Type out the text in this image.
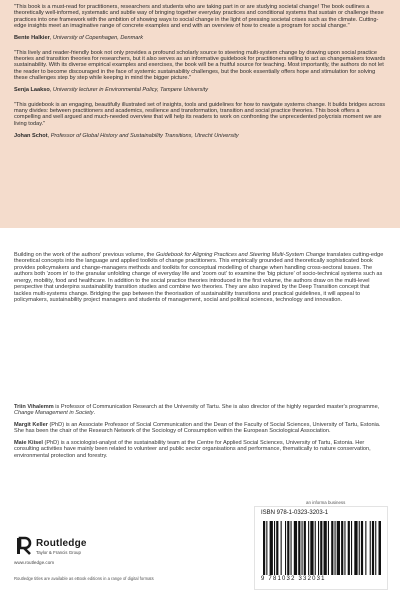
"This book is a must-read for practitioners, researchers and students who are taking part in or are studying societal change! The book outlines a theoretically well-informed, systematic and subtle way of bringing together everyday practices and conditional systems that sustain or challenge these practices into one framework with the ambition of showing ways to social change in the light of pressing societal crises such as the climate. Cutting-edge insights meet an imaginative range of concrete examples and end with an overview of how to create a program for social change."

Bente Halkier, University of Copenhagen, Denmark

"This lively and reader-friendly book not only provides a profound scholarly source to steering multi-system change by drawing upon social practice theories and transition theories for researchers, but it also serves as an informative guidebook for practitioners willing to act as changemakers towards sustainability. With its diverse empirical examples and exercises, the book will be a fruitful source for teaching. Most importantly, the authors do not let the reader to become discouraged in the face of systemic sustainability challenges, but the book essentially offers hope and stimulation for solving these challenges step by step while keeping in mind the bigger picture."

Senja Laakso, University lecturer in Environmental Policy, Tampere University

"This guidebook is an engaging, beautifully illustrated set of insights, tools and guidelines for how to navigate systems change. It builds bridges across many divides: between practitioners and academics, resilience and transformation, transition and social practice theories. This book offers a compelling and well argued and much-needed overview that will help its readers to work on confronting the unprecedented polycrisis moment we are living today."

Johan Schot, Professor of Global History and Sustainability Transitions, Utrecht University

Building on the work of the authors' previous volume, the Guidebook for Aligning Practices and Steering Multi-System Change translates cutting-edge theoretical concepts into the language and applied toolkits of change practitioners. This empirically grounded and theoretically sophisticated book provides policymakers and change-managers methods and toolkits for conceptual modelling of change when handling cross-sectoral issues. The authors both 'zoom in' to the granular unfolding change of everyday life and 'zoom out' to examine the 'big picture' of socio-technical systems such as energy, mobility, food and healthcare. In addition to the social practice theories introduced in the first volume, the authors draw on the multi-level perspective that underpins sustainability transition studies and combine two theories. They are also inspired by the Deep Transition concept that tackles multi-systems change. Bridging the gap between the theorisation of sustainability transitions and practical guidelines, it will appeal to policymakers, sustainability project managers and students of management, social and political sciences, technology and innovation.

Triin Vihalemm is Professor of Communication Research at the University of Tartu. She is also director of the highly regarded master's programme, Change Management in Society.

Margit Keller (PhD) is an Associate Professor of Social Communication and the Dean of the Faculty of Social Sciences, University of Tartu, Estonia. She has been the chair of the Research Network of the Sociology of Consumption within the European Sociological Association.

Maie Kiisel (PhD) is a sociologist-analyst of the sustainability team at the Centre for Applied Social Sciences, University of Tartu, Estonia. Her consulting activities have mainly been related to volunteer and public sector organisations and performance, thematically to nature conservation, environmental protection and forestry.

an informa business
Routledge
Taylor & Francis Group
www.routledge.com
Routledge titles are available as eBook editions in a range of digital formats
ISBN 978-1-0323-3203-1
9 781032 332031
